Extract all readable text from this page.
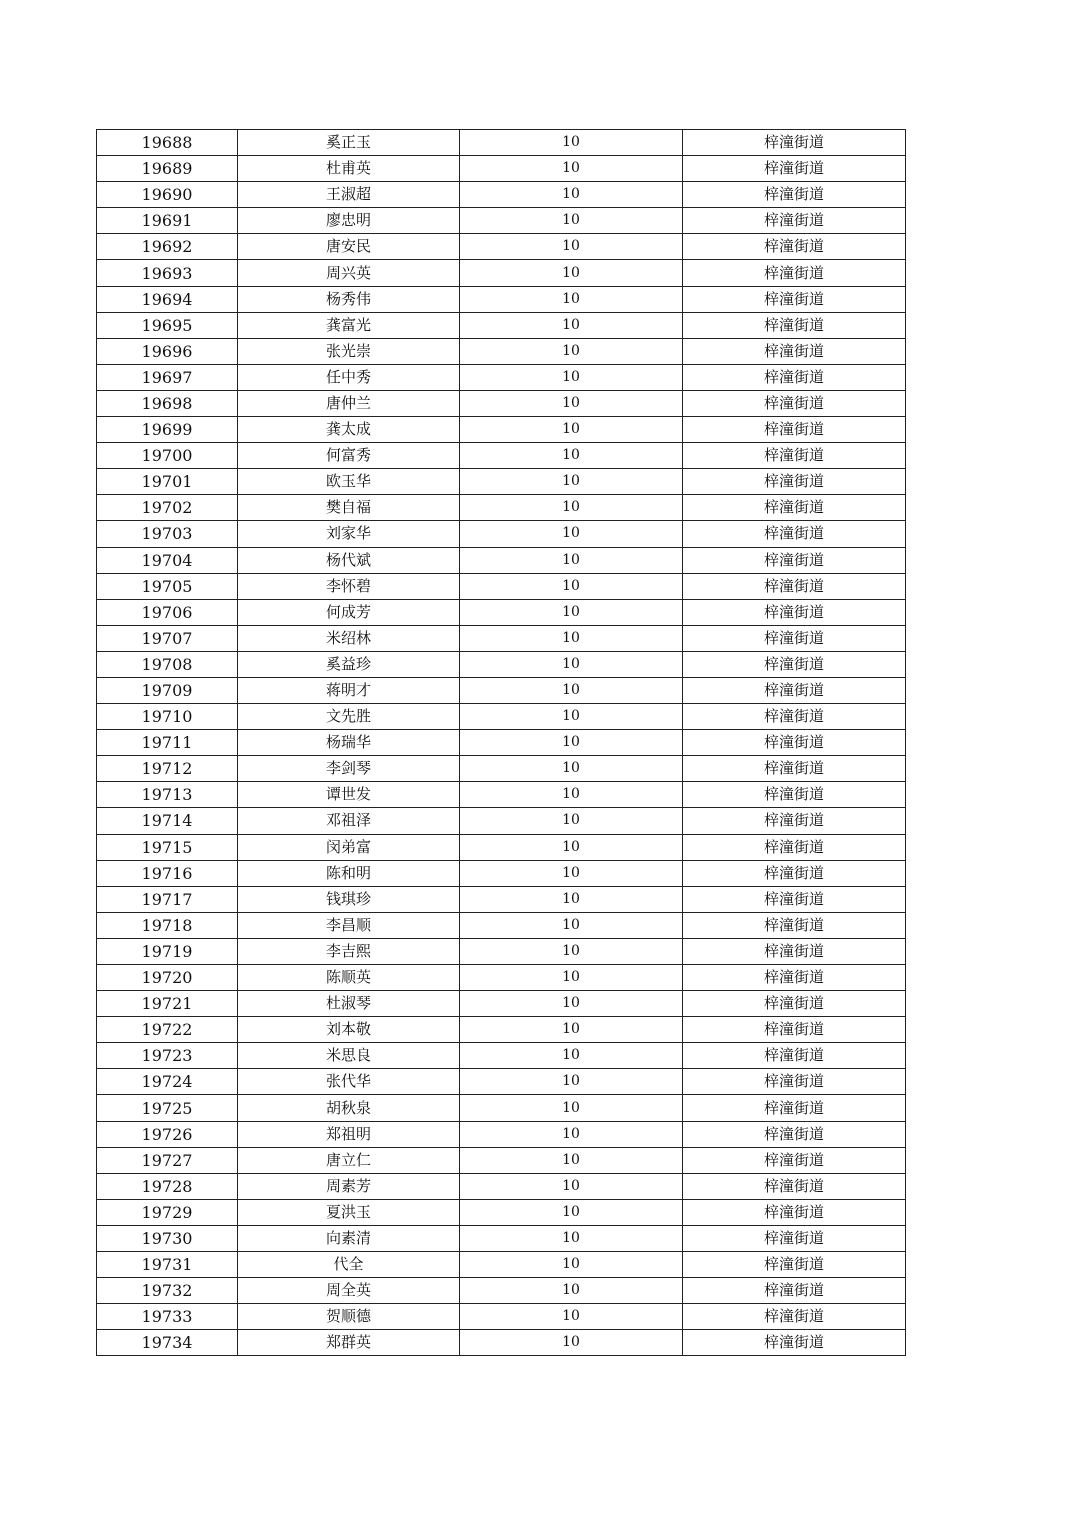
19688	奚正玉	10	梓潼街道
19689	杜甫英	10	梓潼街道
19690	王淑超	10	梓潼街道
19691	廖忠明	10	梓潼街道
19692	唐安民	10	梓潼街道
19693	周兴英	10	梓潼街道
19694	杨秀伟	10	梓潼街道
19695	龚富光	10	梓潼街道
19696	张光崇	10	梓潼街道
19697	任中秀	10	梓潼街道
19698	唐仲兰	10	梓潼街道
19699	龚太成	10	梓潼街道
19700	何富秀	10	梓潼街道
19701	欧玉华	10	梓潼街道
19702	樊自福	10	梓潼街道
19703	刘家华	10	梓潼街道
19704	杨代斌	10	梓潼街道
19705	李怀碧	10	梓潼街道
19706	何成芳	10	梓潼街道
19707	米绍林	10	梓潼街道
19708	奚益珍	10	梓潼街道
19709	蒋明才	10	梓潼街道
19710	文先胜	10	梓潼街道
19711	杨瑞华	10	梓潼街道
19712	李剑琴	10	梓潼街道
19713	谭世发	10	梓潼街道
19714	邓祖泽	10	梓潼街道
19715	闵弟富	10	梓潼街道
19716	陈和明	10	梓潼街道
19717	钱琪珍	10	梓潼街道
19718	李昌顺	10	梓潼街道
19719	李吉熙	10	梓潼街道
19720	陈顺英	10	梓潼街道
19721	杜淑琴	10	梓潼街道
19722	刘本敬	10	梓潼街道
19723	米思良	10	梓潼街道
19724	张代华	10	梓潼街道
19725	胡秋泉	10	梓潼街道
19726	郑祖明	10	梓潼街道
19727	唐立仁	10	梓潼街道
19728	周素芳	10	梓潼街道
19729	夏洪玉	10	梓潼街道
19730	向素清	10	梓潼街道
19731	代全	10	梓潼街道
19732	周全英	10	梓潼街道
19733	贺顺德	10	梓潼街道
19734	郑群英	10	梓潼街道
